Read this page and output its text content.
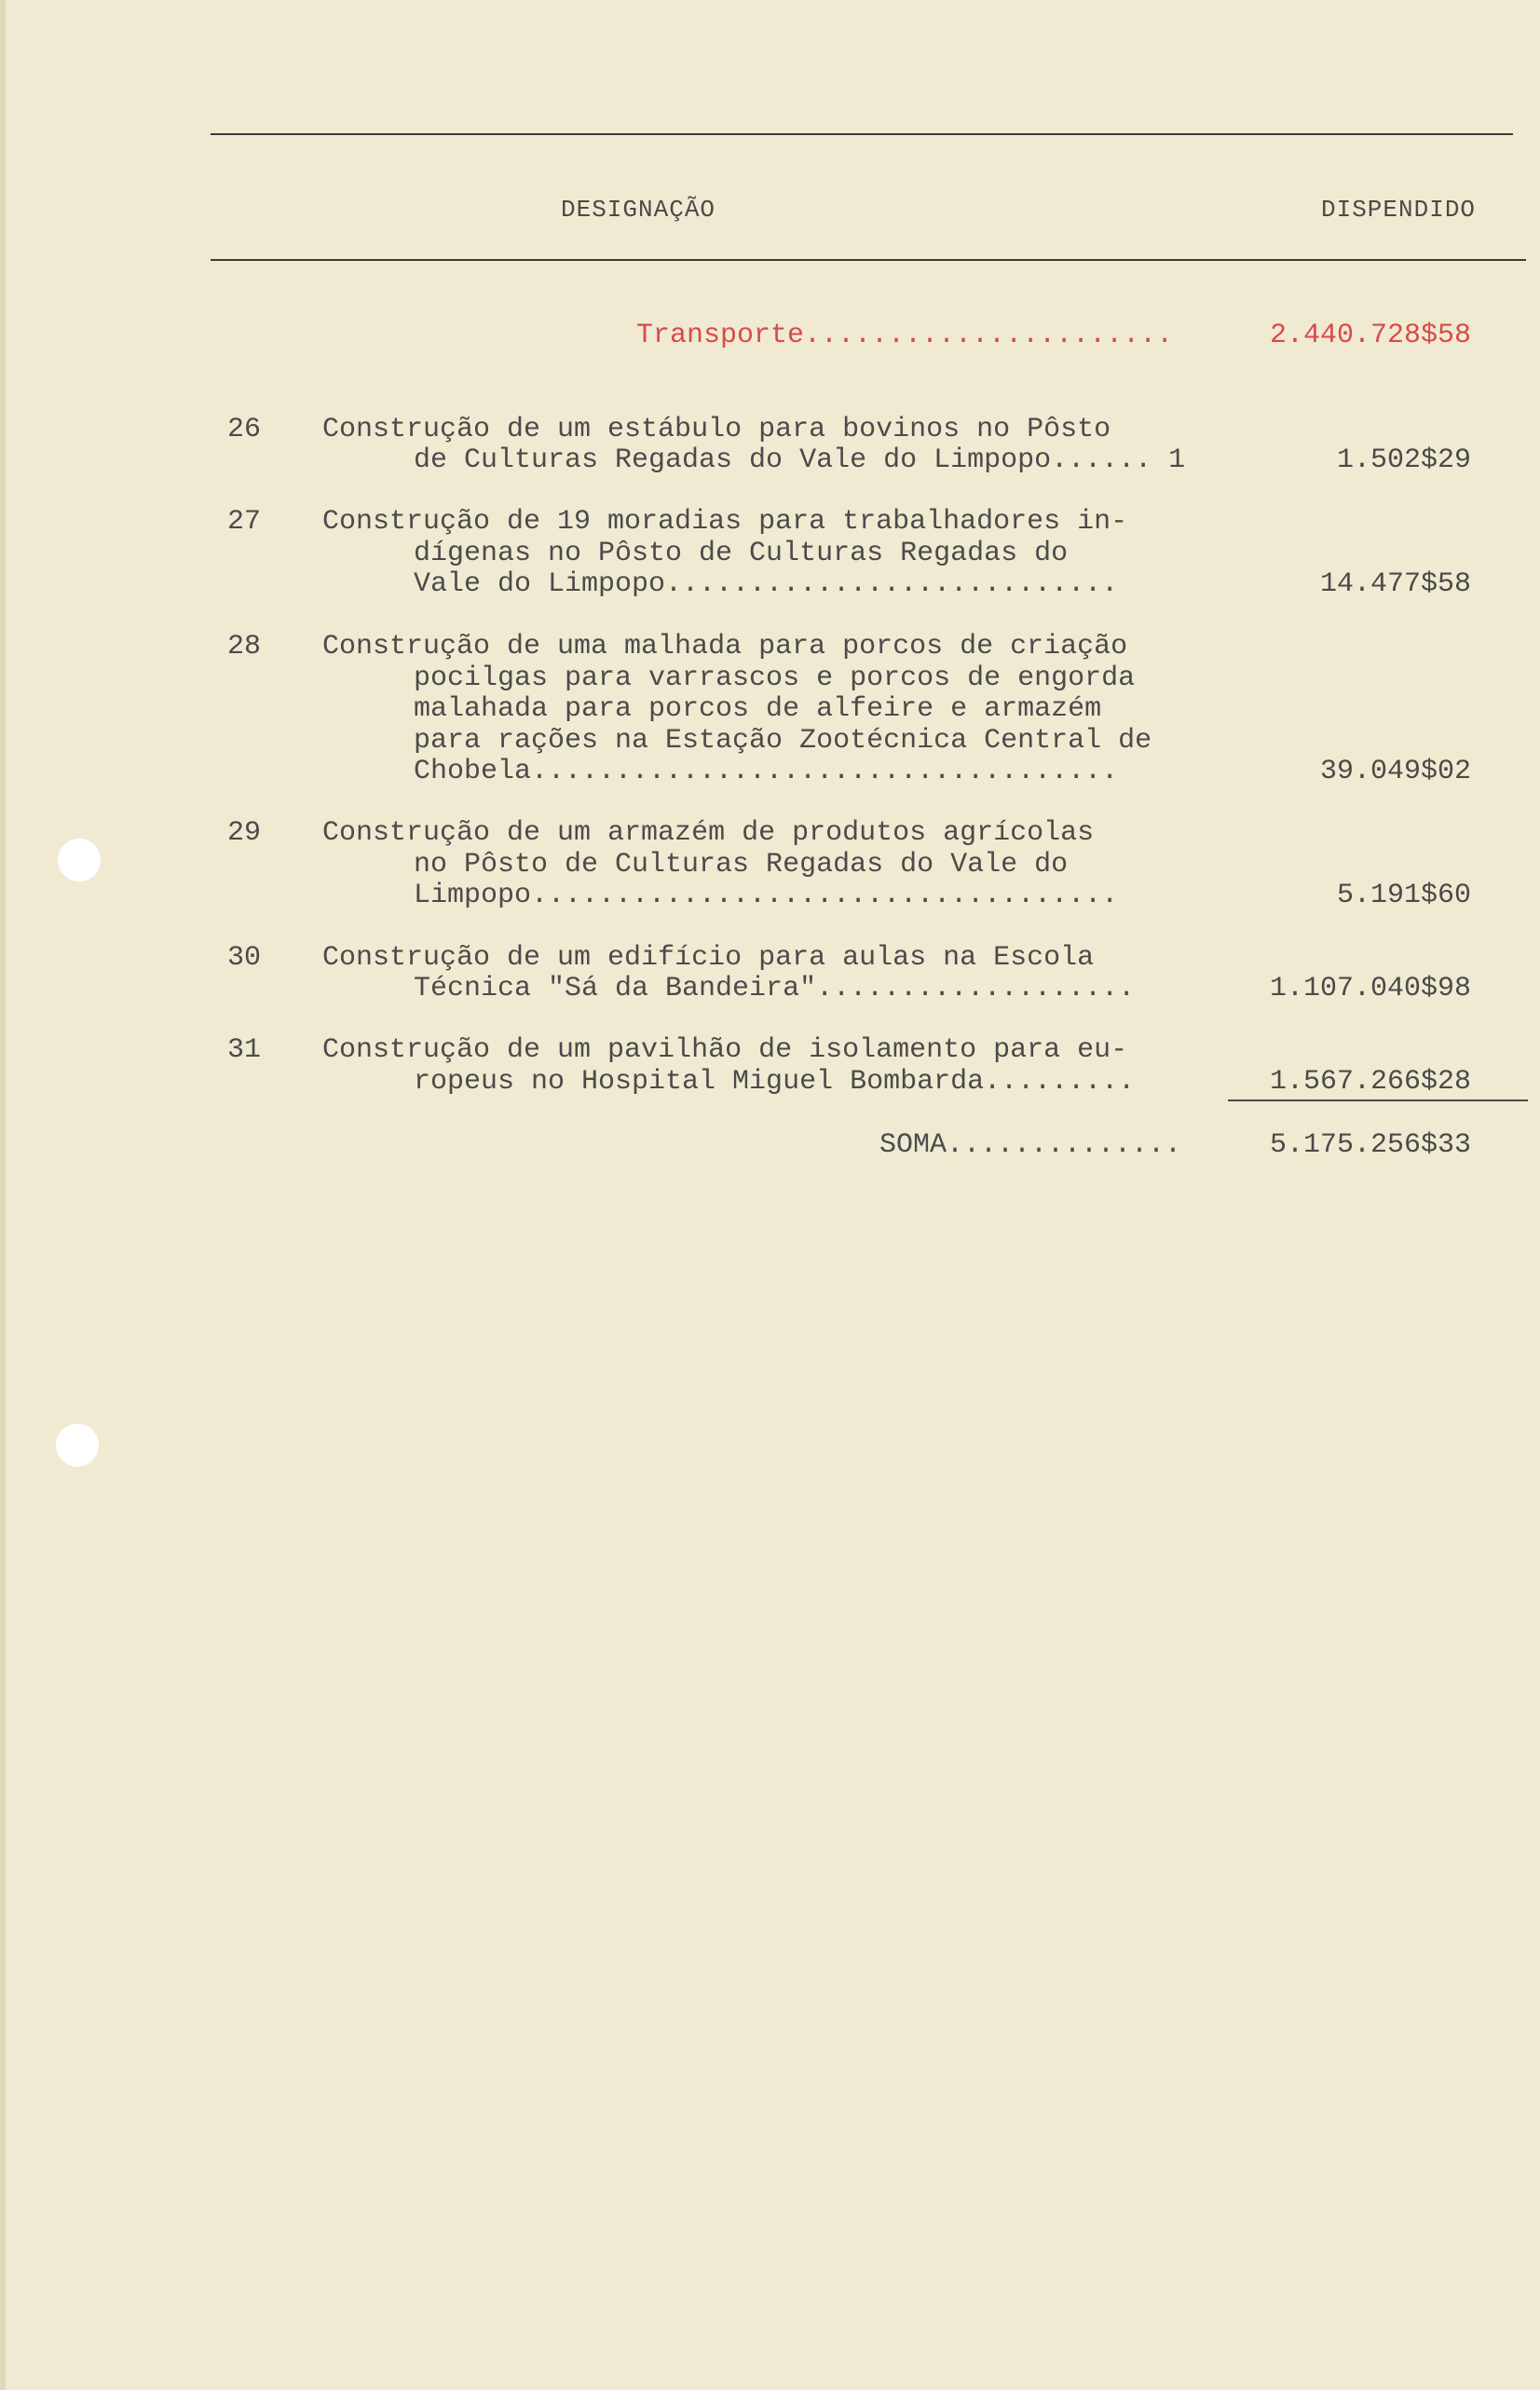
DESIGNAÇÃO	DISPENDIDO
Transporte......................	2.440.728$58
26 Construção de um estábulo para bovinos no Pôsto
de Culturas Regadas do Vale do Limpopo...... 1	1.502$29
27 Construção de 19 moradias para trabalhadores in-
dígenas no Pôsto de Culturas Regadas do
Vale do Limpopo...........................	14.477$58
28 Construção de uma malhada para porcos de criação
pocilgas para varrascos e porcos de engorda
malahada para porcos de alfeire e armazém
para rações na Estação Zootécnica Central de
Chobela...................................	39.049$02
29 Construção de um armazém de produtos agrícolas
no Pôsto de Culturas Regadas do Vale do
Limpopo...................................	5.191$60
30 Construção de um edifício para aulas na Escola
Técnica "Sá da Bandeira"...................	1.107.040$98
31 Construção de um pavilhão de isolamento para eu-
ropeus no Hospital Miguel Bombarda.........	1.567.266$28
SOMA..............	5.175.256$33
